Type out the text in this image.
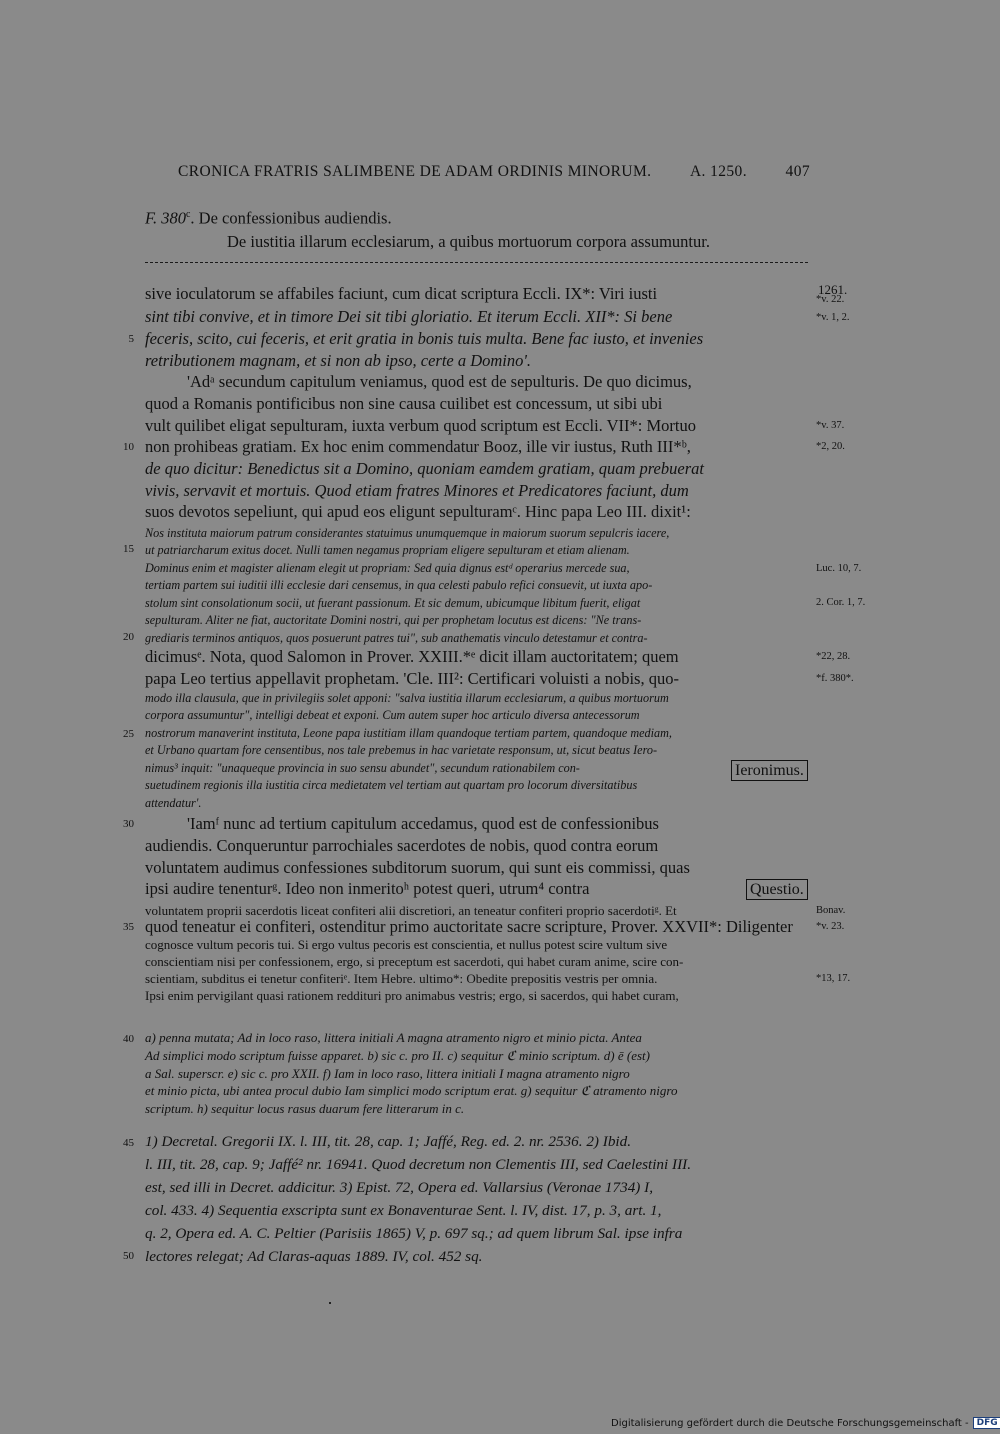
CRONICA FRATRIS SALIMBENE DE ADAM ORDINIS MINORUM. A. 1250. 407
F. 380$^c$. De confessionibus audiendis.
De iustitia illarum ecclesiarum, a quibus mortuorum corpora assumuntur.
sive ioculatorum se affabiles faciunt, cum dicat scriptura Eccli. IX*: Viri iusti
sint tibi convive, et in timore Dei sit tibi gloriatio. Et iterum Eccli. XII*: Si bene
feceris, scito, cui feceris, et erit gratia in bonis tuis multa. Bene fac iusto, et invenies
retributionem magnam, et si non ab ipso, certe a Domino'.
'Adᵃ secundum capitulum veniamus, quod est de sepulturis. De quo dicimus,
quod a Romanis pontificibus non sine causa cuilibet est concessum, ut sibi ubi
vult quilibet eligat sepulturam, iuxta verbum quod scriptum est Eccli. VII*: Mortuo
non prohibeas gratiam. Ex hoc enim commendatur Booz, ille vir iustus, Ruth III*ᵇ,
de quo dicitur: Benedictus sit a Domino, quoniam eamdem gratiam, quam prebuerat
vivis, servavit et mortuis. Quod etiam fratres Minores et Predicatores faciunt, dum
suos devotos sepeliunt, qui apud eos eligunt sepulturamᶜ. Hinc papa Leo III. dixit¹:
Nos instituta maiorum patrum considerantes statuimus unumquemque in maiorum suorum sepulcris iacere,
ut patriarcharum exitus docet. Nulli tamen negamus propriam eligere sepulturam et etiam alienam.
Dominus enim et magister alienam elegit ut propriam: Sed quia dignus estᵈ operarius mercede sua,
tertiam partem sui iuditii illi ecclesie dari censemus, in qua celesti pabulo refici consuevit, ut iuxta apo-
stolum sint consolationum socii, ut fuerant passionum. Et sic demum, ubicumque libitum fuerit, eligat
sepulturam. Aliter ne fiat, auctoritate Domini nostri, qui per prophetam locutus est dicens: "Ne trans-
grediaris terminos antiquos, quos posuerunt patres tui", sub anathematis vinculo detestamur et contra-
dicimusᵉ. Nota, quod Salomon in Prover. XXIII.*ᵉ dicit illam auctoritatem; quem
papa Leo tertius appellavit prophetam. 'Cle. III²: Certificari voluisti a nobis, quo-
modo illa clausula, que in privilegiis solet apponi: "salva iustitia illarum ecclesiarum, a quibus mortuorum
corpora assumuntur", intelligi debeat et exponi. Cum autem super hoc articulo diversa antecessorum
nostrorum manaverint instituta, Leone papa iustitiam illam quandoque tertiam partem, quandoque mediam,
et Urbano quartam fore censentibus, nos tale prebemus in hac varietate responsum, ut, sicut beatus Iero-
nimus³ inquit: "unaqueque provincia in suo sensu abundet", secundum rationabilem con-
suetudinem regionis illa iustitia circa medietatem vel tertiam aut quartam pro locorum diversitatibus
attendatur'.
'Iamᶠ nunc ad tertium capitulum accedamus, quod est de confessionibus
audiendis. Conqueruntur parrochiales sacerdotes de nobis, quod contra eorum
voluntatem audimus confessiones subditorum suorum, qui sunt eis commissi, quas
ipsi audire tenenturᵍ. Ideo non inmeritoʰ potest queri, utrum⁴ contra
voluntatem proprii sacerdotis liceat confiteri alii discretiori, an teneatur confiteri proprio sacerdotiᵍ. Et
quod teneatur ei confiteri, ostenditur primo auctoritate sacre scripture, Prover. XXVII*: Diligenter
cognosce vultum pecoris tui. Si ergo vultus pecoris est conscientia, et nullus potest scire vultum sive
conscientiam nisi per confessionem, ergo, si preceptum est sacerdoti, qui habet curam anime, scire con-
scientiam, subditus ei tenetur confiteriᵉ. Item Hebre. ultimo*: Obedite prepositis vestris per omnia.
Ipsi enim pervigilant quasi rationem reddituri pro animabus vestris; ergo, si sacerdos, qui habet curam,
a) penna mutata; Ad in loco raso, littera initiali A magna atramento nigro et minio picta. Antea
Ad simplici modo scriptum fuisse apparet. b) sic c. pro II. c) sequitur ℭ minio scriptum. d) ē (est)
a Sal. superscr. e) sic c. pro XXII. f) Iam in loco raso, littera initiali I magna atramento nigro
et minio picta, ubi antea procul dubio Iam simplici modo scriptum erat. g) sequitur ℭ atramento nigro
scriptum. h) sequitur locus rasus duarum fere litterarum in c.
1) Decretal. Gregorii IX. l. III, tit. 28, cap. 1; Jaffé, Reg. ed. 2. nr. 2536. 2) Ibid.
l. III, tit. 28, cap. 9; Jaffé² nr. 16941. Quod decretum non Clementis III, sed Caelestini III.
est, sed illi in Decret. addicitur. 3) Epist. 72, Opera ed. Vallarsius (Veronae 1734) I,
col. 433. 4) Sequentia exscripta sunt ex Bonaventurae Sent. l. IV, dist. 17, p. 3, art. 1,
q. 2, Opera ed. A. C. Peltier (Parisiis 1865) V, p. 697 sq.; ad quem librum Sal. ipse infra
lectores relegat; Ad Claras-aquas 1889. IV, col. 452 sq.
5
10
15
20
25
30
35
40
45
50
1261.
*v. 22.
*v. 1, 2.
*v. 37.
*2, 20.
Luc. 10, 7.
2. Cor. 1, 7.
*22, 28.
*f. 380*.
Bonav.
*v. 23.
*13, 17.
Ieronimus.
Questio.
Digitalisierung gefördert durch die Deutsche Forschungsgemeinschaft - DFG
